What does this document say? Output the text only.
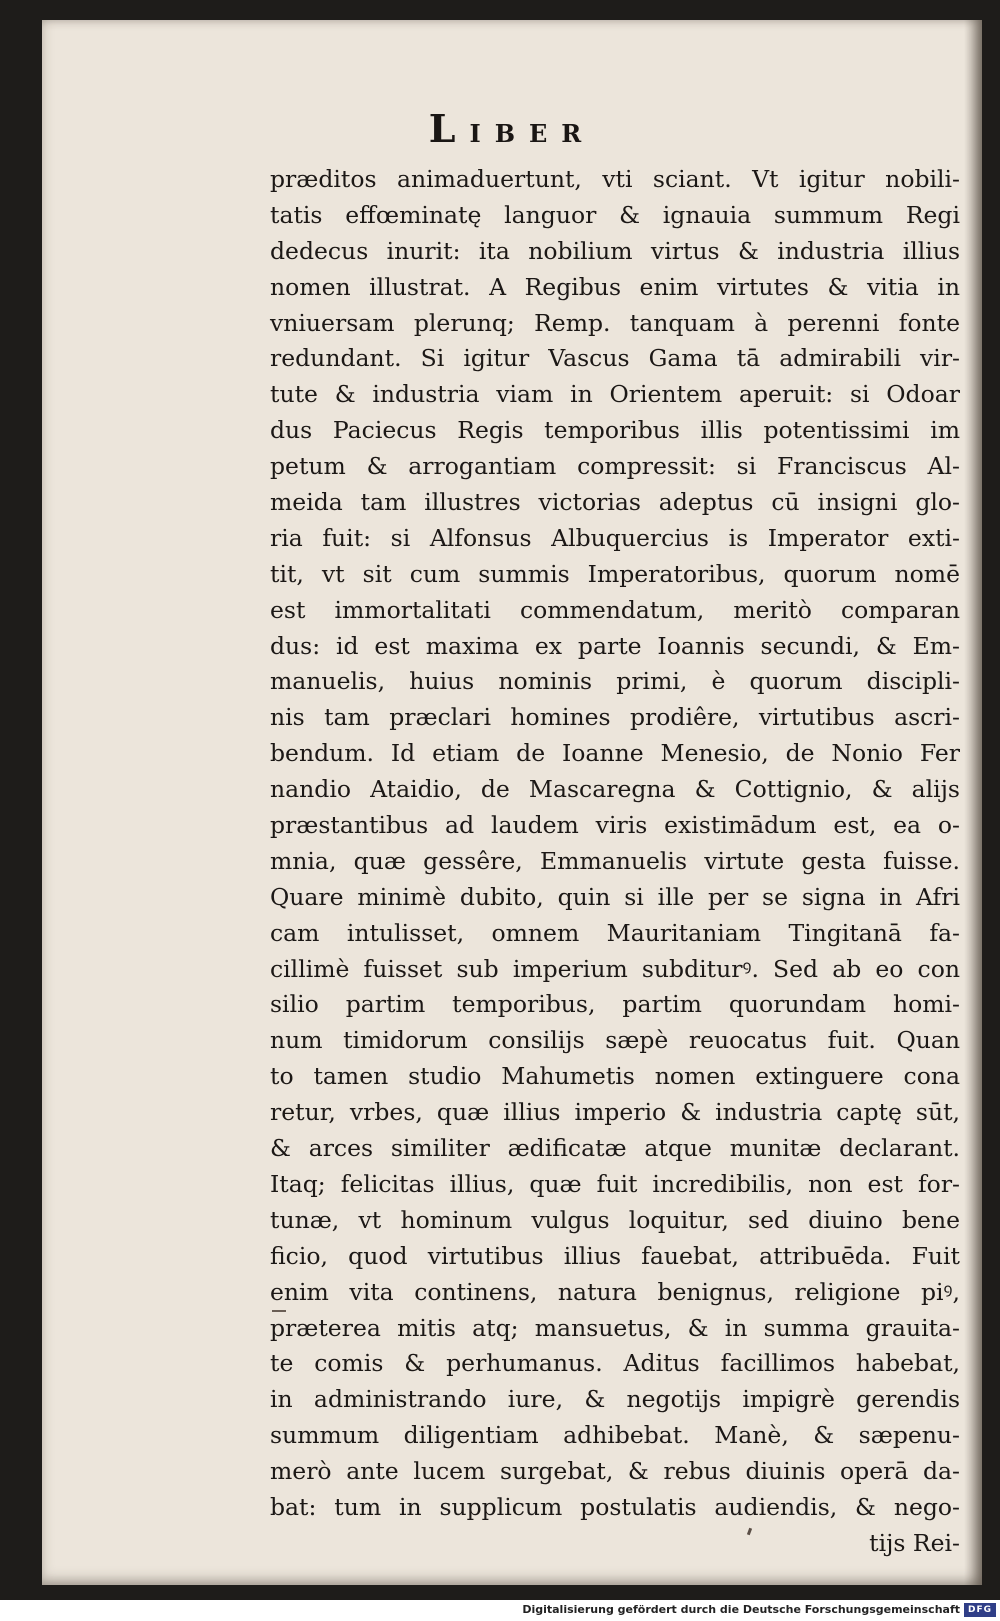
LIBER
præditos animaduertunt, vti sciant. Vt igitur nobili-
tatis effœminatę languor & ignauia summum Regi
dedecus inurit: ita nobilium virtus & industria illius
nomen illustrat. A Regibus enim virtutes & vitia in
vniuersam plerunq; Remp. tanquam à perenni fonte
redundant. Si igitur Vascus Gama tā admirabili vir-
tute & industria viam in Orientem aperuit: si Odoar
dus Paciecus Regis temporibus illis potentissimi im
petum & arrogantiam compressit: si Franciscus Al-
meida tam illustres victorias adeptus cū insigni glo-
ria fuit: si Alfonsus Albuquercius is Imperator exti-
tit, vt sit cum summis Imperatoribus, quorum nomē
est immortalitati commendatum, meritò comparan
dus: id est maxima ex parte Ioannis secundi, & Em-
manuelis, huius nominis primi, è quorum discipli-
nis tam præclari homines prodiêre, virtutibus ascri-
bendum. Id etiam de Ioanne Menesio, de Nonio Fer
nandio Ataidio, de Mascaregna & Cottignio, & alijs
præstantibus ad laudem viris existimādum est, ea o-
mnia, quæ gessêre, Emmanuelis virtute gesta fuisse.
Quare minimè dubito, quin si ille per se signa in Afri
cam intulisset, omnem Mauritaniam Tingitanā fa-
cillimè fuisset sub imperium subditurꝰ. Sed ab eo con
silio partim temporibus, partim quorundam homi-
num timidorum consilijs sæpè reuocatus fuit. Quan
to tamen studio Mahumetis nomen extinguere cona
retur, vrbes, quæ illius imperio & industria captę sūt,
& arces similiter ædificatæ atque munitæ declarant.
Itaq; felicitas illius, quæ fuit incredibilis, non est for-
tunæ, vt hominum vulgus loquitur, sed diuino bene
ficio, quod virtutibus illius fauebat, attribuēda. Fuit
enim vita continens, natura benignus, religione piꝰ,
præterea mitis atq; mansuetus, & in summa grauita-
te comis & perhumanus. Aditus facillimos habebat,
in administrando iure, & negotijs impigrè gerendis
summum diligentiam adhibebat. Manè, & sæpenu-
merò ante lucem surgebat, & rebus diuinis operā da-
bat: tum in supplicum postulatis audiendis, & nego-
tijs Rei-
Digitalisierung gefördert durch die Deutsche Forschungsgemeinschaft DFG
